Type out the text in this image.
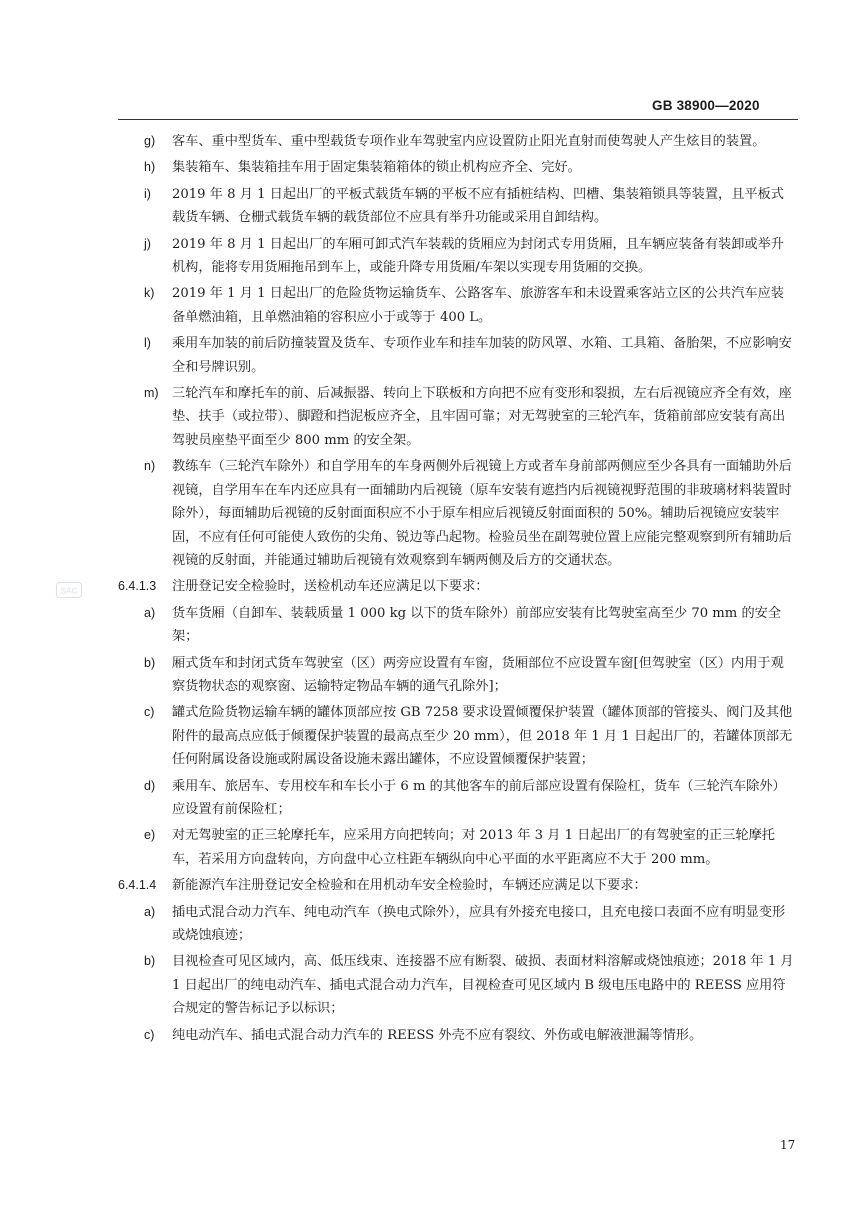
GB 38900—2020
SAC
g) 客车、重中型货车、重中型载货专项作业车驾驶室内应设置防止阳光直射而使驾驶人产生炫目的装置。
h) 集装箱车、集装箱挂车用于固定集装箱箱体的锁止机构应齐全、完好。
i) 2019 年 8 月 1 日起出厂的平板式载货车辆的平板不应有插桩结构、凹槽、集装箱锁具等装置，且平板式载货车辆、仓栅式载货车辆的载货部位不应具有举升功能或采用自卸结构。
j) 2019 年 8 月 1 日起出厂的车厢可卸式汽车装载的货厢应为封闭式专用货厢，且车辆应装备有装卸或举升机构，能将专用货厢拖吊到车上，或能升降专用货厢/车架以实现专用货厢的交换。
k) 2019 年 1 月 1 日起出厂的危险货物运输货车、公路客车、旅游客车和未设置乘客站立区的公共汽车应装备单燃油箱，且单燃油箱的容积应小于或等于 400 L。
l) 乘用车加装的前后防撞装置及货车、专项作业车和挂车加装的防风罩、水箱、工具箱、备胎架，不应影响安全和号牌识别。
m) 三轮汽车和摩托车的前、后减振器、转向上下联板和方向把不应有变形和裂损，左右后视镜应齐全有效，座垫、扶手（或拉带）、脚蹬和挡泥板应齐全，且牢固可靠；对无驾驶室的三轮汽车，货箱前部应安装有高出驾驶员座垫平面至少 800 mm 的安全架。
n) 教练车（三轮汽车除外）和自学用车的车身两侧外后视镜上方或者车身前部两侧应至少各具有一面辅助外后视镜，自学用车在车内还应具有一面辅助内后视镜（原车安装有遮挡内后视镜视野范围的非玻璃材料装置时除外），每面辅助后视镜的反射面面积应不小于原车相应后视镜反射面面积的 50%。辅助后视镜应安装牢固，不应有任何可能使人致伤的尖角、锐边等凸起物。检验员坐在副驾驶位置上应能完整观察到所有辅助后视镜的反射面，并能通过辅助后视镜有效观察到车辆两侧及后方的交通状态。
6.4.1.3 注册登记安全检验时，送检机动车还应满足以下要求：
a) 货车货厢（自卸车、装载质量 1 000 kg 以下的货车除外）前部应安装有比驾驶室高至少 70 mm 的安全架；
b) 厢式货车和封闭式货车驾驶室（区）两旁应设置有车窗，货厢部位不应设置车窗[但驾驶室（区）内用于观察货物状态的观察窗、运输特定物品车辆的通气孔除外]；
c) 罐式危险货物运输车辆的罐体顶部应按 GB 7258 要求设置倾覆保护装置（罐体顶部的管接头、阀门及其他附件的最高点应低于倾覆保护装置的最高点至少 20 mm），但 2018 年 1 月 1 日起出厂的，若罐体顶部无任何附属设备设施或附属设备设施未露出罐体，不应设置倾覆保护装置；
d) 乘用车、旅居车、专用校车和车长小于 6 m 的其他客车的前后部应设置有保险杠，货车（三轮汽车除外）应设置有前保险杠；
e) 对无驾驶室的正三轮摩托车，应采用方向把转向；对 2013 年 3 月 1 日起出厂的有驾驶室的正三轮摩托车，若采用方向盘转向，方向盘中心立柱距车辆纵向中心平面的水平距离应不大于 200 mm。
6.4.1.4 新能源汽车注册登记安全检验和在用机动车安全检验时，车辆还应满足以下要求：
a) 插电式混合动力汽车、纯电动汽车（换电式除外），应具有外接充电接口，且充电接口表面不应有明显变形或烧蚀痕迹；
b) 目视检查可见区域内，高、低压线束、连接器不应有断裂、破损、表面材料溶解或烧蚀痕迹；2018 年 1 月 1 日起出厂的纯电动汽车、插电式混合动力汽车，目视检查可见区域内 B 级电压电路中的 REESS 应用符合规定的警告标记予以标识；
c) 纯电动汽车、插电式混合动力汽车的 REESS 外壳不应有裂纹、外伤或电解液泄漏等情形。
17
